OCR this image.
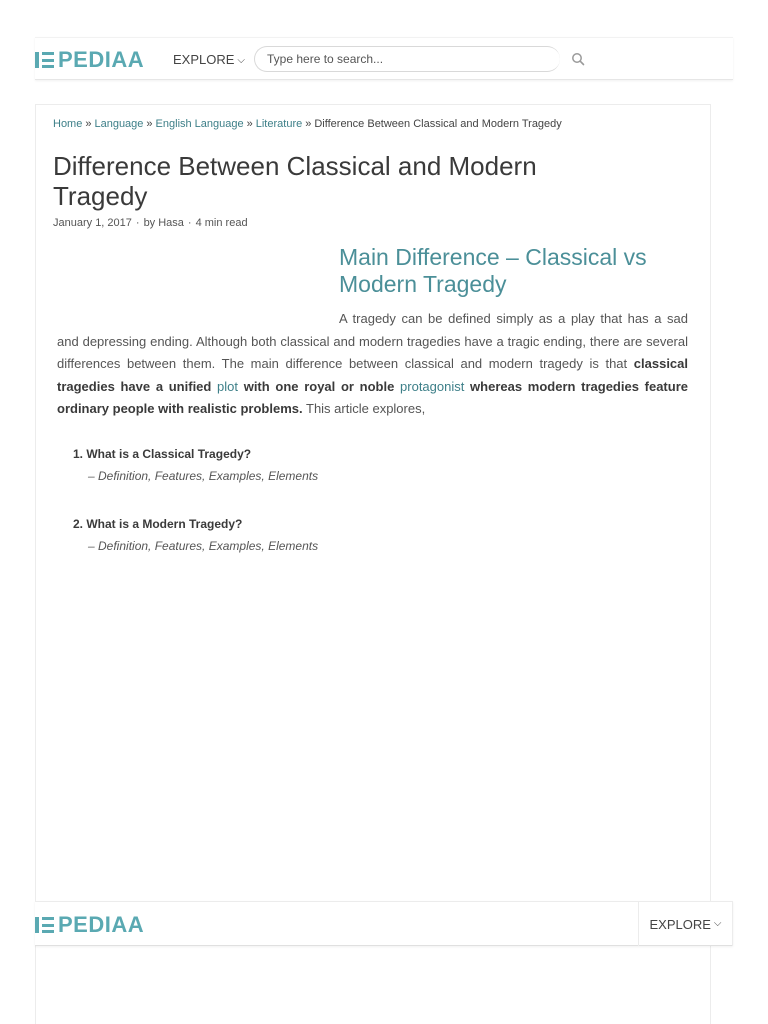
PEDIAA EXPLORE ⌵
Type here to search...
Home » Language » English Language » Literature » Difference Between Classical and Modern Tragedy
Difference Between Classical and Modern Tragedy
January 1, 2017 · by Hasa · 4 min read
Main Difference – Classical vs Modern Tragedy
A tragedy can be defined simply as a play that has a sad and depressing ending. Although both classical and modern tragedies have a tragic ending, there are several differences between them. The main difference between classical and modern tragedy is that classical tragedies have a unified plot with one royal or noble protagonist whereas modern tragedies feature ordinary people with realistic problems. This article explores,
1. What is a Classical Tragedy?
– Definition, Features, Examples, Elements
2. What is a Modern Tragedy?
– Definition, Features, Examples, Elements
PEDIAA	EXPLORE ⌵
